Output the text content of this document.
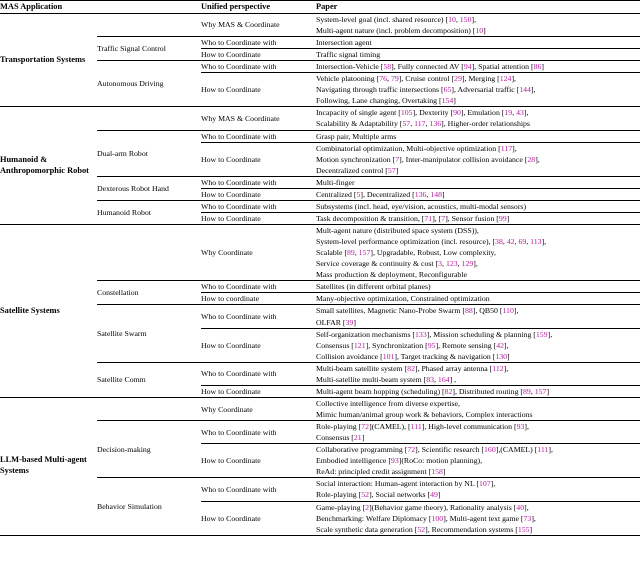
MAS Application		Unified perspective	Paper
Transportation Systems		Why MAS & Coordinate	System-level goal (incl. shared resource) [10, 150],
Multi-agent nature (incl. problem decomposition) [10]

	Traffic Signal Control	Who to Coordinate with	Intersection agent

		How to Coordinate	Traffic signal timing

	Autonomous Driving	Who to Coordinate with	Intersection-Vehicle [58], Fully connected AV [94], Spatial attention [86]

		How to Coordinate	Vehicle platooning [76, 79], Cruise control [29], Merging [124],
Navigating through traffic intersections [65], Adversarial traffic [144],
Following, Lane changing, Overtaking [154]

Humanoid & Anthropomorphic Robot		Why MAS & Coordinate	Incapacity of single agent [105], Dexterity [90], Emulation [19, 43],
Scalability & Adaptability [57, 117, 136], Higher-order relationships

	Dual-arm Robot	Who to Coordinate with	Grasp pair, Multiple arms

		How to Coordinate	Combinatorial optimization, Multi-objective optimization [117],
Motion synchronization [7], Inter-manipulator collision avoidance [28],
Decentralized control [57]

	Dexterous Robot Hand	Who to Coordinate with	Multi-finger

		How to Coordinate	Centralized [5], Decentralized [136, 148]

	Humanoid Robot	Who to Coordinate with	Subsystems (incl. head, eye/vision, acoustics, multi-modal sensors)

		How to Coordinate	Task decomposition & transition, [71], [7], Sensor fusion [99]

Satellite Systems		Why Coordinate	Mult-agent nature (distributed space system (DSS)),
System-level performance optimization (incl. resource), [38, 42, 69, 113],
Scalable [89, 157], Upgradable, Robust, Low complexity,
Service coverage & continuity & cost [3, 123, 129],
Mass production & deployment, Reconfigurable

	Constellation	Who to Coordinate with	Satellites (in different orbital planes)

		How to coordinate	Many-objective optimization, Constrained optimization

	Satellite Swarm	Who to Coordinate with	Small satellites, Magnetic Nano-Probe Swarm [88], QB50 [110],
OLFAR [39]

		How to Coordinate	Self-organization mechanisms [133], Mission scheduling & planning [159],
Consensus [121], Synchronization [95], Remote sensing [42],
Collision avoidance [101], Target tracking & navigation [130]

	Satellite Comm	Who to Coordinate with	Multi-beam satellite system [82], Phased array antenna [112],
Multi-satellite multi-beam system [83, 164] ,

		How to Coordinate	Multi-agent beam hopping (scheduling) [82], Distributed routing [89, 157]

LLM-based Multi-agent Systems		Why Coordinate	Collective intelligence from diverse expertise,
Mimic human/animal group work & behaviors, Complex interactions

	Decision-making	Who to Coordinate with	Role-playing [72](CAMEL), [111], High-level communication [93],
Consensus [21]

		How to Coordinate	Collaborative programming [72], Scientific research [160],(CAMEL) [111],
Embodied intelligence [93](RoCo: motion planning),
ReAd: principled credit assignment [158]

	Behavior Simulation	Who to Coordinate with	Social interaction: Human-agent interaction by NL [107],
Role-playing [52], Social networks [49]

		How to Coordinate	Game-playing [2](Behavior game theory), Rationality analysis [40],
Benchmarking: Welfare Diplomacy [100], Multi-agent text game [73],
Scale synthetic data generation [52], Recommendation systems [155]
